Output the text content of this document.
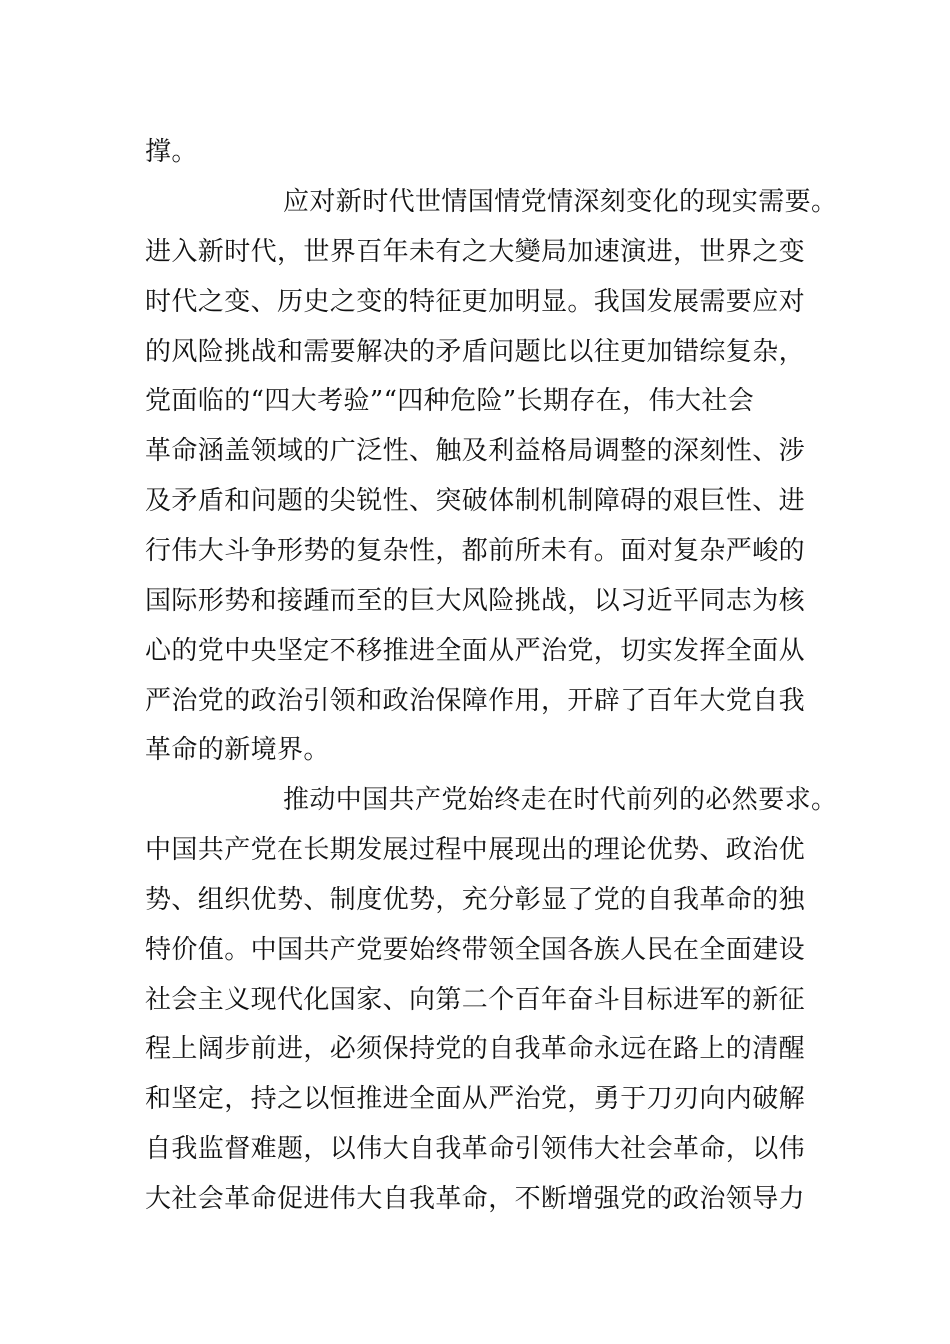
撑。
应对新时代世情国情党情深刻变化的现实需要。
进入新时代，世界百年未有之大變局加速演进，世界之变
时代之变、历史之变的特征更加明显。我国发展需要应对
的风险挑战和需要解决的矛盾问题比以往更加错综复杂，
党面临的“四大考验”“四种危险”长期存在，伟大社会
革命涵盖领域的广泛性、触及利益格局调整的深刻性、涉
及矛盾和问题的尖锐性、突破体制机制障碍的艰巨性、进
行伟大斗争形势的复杂性，都前所未有。面对复杂严峻的
国际形势和接踵而至的巨大风险挑战，以习近平同志为核
心的党中央坚定不移推进全面从严治党，切实发挥全面从
严治党的政治引领和政治保障作用，开辟了百年大党自我
革命的新境界。
推动中国共产党始终走在时代前列的必然要求。
中国共产党在长期发展过程中展现出的理论优势、政治优
势、组织优势、制度优势，充分彰显了党的自我革命的独
特价值。中国共产党要始终带领全国各族人民在全面建设
社会主义现代化国家、向第二个百年奋斗目标进军的新征
程上阔步前进，必须保持党的自我革命永远在路上的清醒
和坚定，持之以恒推进全面从严治党，勇于刀刃向内破解
自我监督难题，以伟大自我革命引领伟大社会革命，以伟
大社会革命促进伟大自我革命，不断增强党的政治领导力
